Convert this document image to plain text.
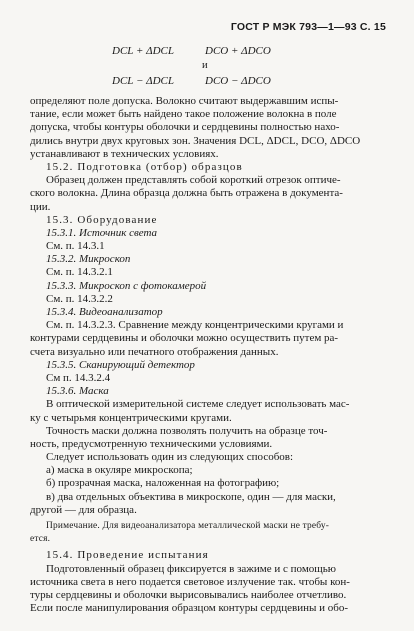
ГОСТ Р МЭК 793—1—93 С. 15
DCL + ΔDCL	DCO + ΔDCO
и
DCL − ΔDCL	DCO − ΔDCO
определяют поле допуска. Волокно считают выдержавшим испы-
тание, если может быть найдено такое положение волокна в поле
допуска, чтобы контуры оболочки и сердцевины полностью нахо-
дились внутри двух круговых зон. Значения DCL, ΔDCL, DCO, ΔDCO
устанавливают в технических условиях.
15.2. Подготовка (отбор) образцов
Образец должен представлять собой короткий отрезок оптиче-
ского волокна. Длина образца должна быть отражена в документа-
ции.
15.3. Оборудование
15.3.1. Источник света
См. п. 14.3.1
15.3.2. Микроскоп
См. п. 14.3.2.1
15.3.3. Микроскоп с фотокамерой
См. п. 14.3.2.2
15.3.4. Видеоанализатор
См. п. 14.3.2.3. Сравнение между концентрическими кругами и
контурами сердцевины и оболочки можно осуществить путем ра-
счета визуально или печатного отображения данных.
15.3.5. Сканирующий детектор
См п. 14.3.2.4
15.3.6. Маска
В оптической измерительной системе следует использовать мас-
ку с четырьмя концентрическими кругами.
Точность маски должна позволять получить на образце точ-
ность, предусмотренную техническими условиями.
Следует использовать один из следующих способов:
а) маска в окуляре микроскопа;
б) прозрачная маска, наложенная на фотографию;
в) два отдельных объектива в микроскопе, один — для маски,
другой — для образца.
Примечание. Для видеоанализатора металлической маски не требу-
ется.
15.4. Проведение испытания
Подготовленный образец фиксируется в зажиме и с помощью
источника света в него подается световое излучение так. чтобы кон-
туры сердцевины и оболочки вырисовывались наиболее отчетливо.
Если после манипулирования образцом контуры сердцевины и обо-
